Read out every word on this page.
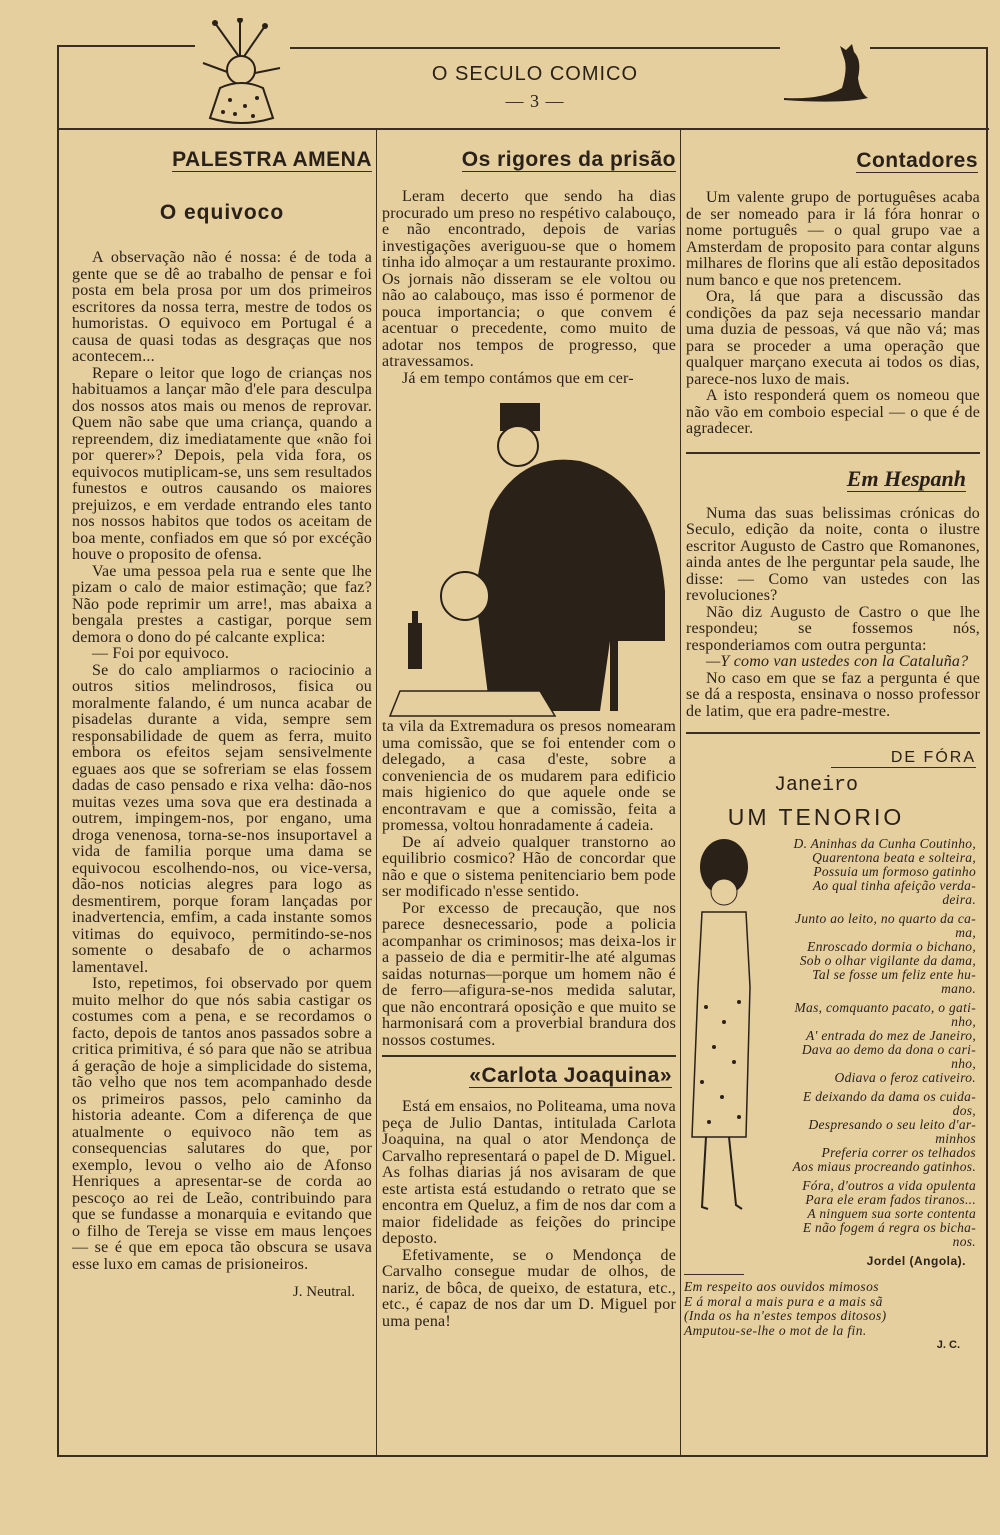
O SECULO COMICO
— 3 —
PALESTRA AMENA
O equivoco

A observação não é nossa: é de toda a gente que se dê ao trabalho de pensar e foi posta em bela prosa por um dos primeiros escritores da nossa terra, mestre de todos os humoristas. O equivoco em Portugal é a causa de quasi todas as desgraças que nos acontecem...

Repare o leitor que logo de crianças nos habituamos a lançar mão d'ele para desculpa dos nossos atos mais ou menos de reprovar. Quem não sabe que uma criança, quando a repreendem, diz imediatamente que «não foi por querer»? Depois, pela vida fora, os equivocos mutiplicam-se, uns sem resultados funestos e outros causando os maiores prejuizos, e em verdade entrando eles tanto nos nossos habitos que todos os aceitam de boa mente, confiados em que só por excéção houve o proposito de ofensa.

Vae uma pessoa pela rua e sente que lhe pizam o calo de maior estimação; que faz? Não pode reprimir um arre!, mas abaixa a bengala prestes a castigar, porque sem demora o dono do pé calcante explica:

— Foi por equivoco.

Se do calo ampliarmos o raciocinio a outros sitios melindrosos, fisica ou moralmente falando, é um nunca acabar de pisadelas durante a vida, sempre sem responsabilidade de quem as ferra, muito embora os efeitos sejam sensivelmente eguaes aos que se sofreriam se elas fossem dadas de caso pensado e rixa velha: dão-nos muitas vezes uma sova que era destinada a outrem, impingem-nos, por engano, uma droga venenosa, torna-se-nos insuportavel a vida de familia porque uma dama se equivocou escolhendo-nos, ou vice-versa, dão-nos noticias alegres para logo as desmentirem, porque foram lançadas por inadvertencia, emfim, a cada instante somos vitimas do equivoco, permitindo-se-nos somente o desabafo de o acharmos lamentavel.

Isto, repetimos, foi observado por quem muito melhor do que nós sabia castigar os costumes com a pena, e se recordamos o facto, depois de tantos anos passados sobre a critica primitiva, é só para que não se atribua á geração de hoje a simplicidade do sistema, tão velho que nos tem acompanhado desde os primeiros passos, pelo caminho da historia adeante. Com a diferença de que atualmente o equivoco não tem as consequencias salutares do que, por exemplo, levou o velho aio de Afonso Henriques a apresentar-se de corda ao pescoço ao rei de Leão, contribuindo para que se fundasse a monarquia e evitando que o filho de Tereja se visse em maus lençoes — se é que em epoca tão obscura se usava esse luxo em camas de prisioneiros.

J. Neutral.
Os rigores da prisão

Leram decerto que sendo ha dias procurado um preso no respétivo calabouço, e não encontrado, depois de varias investigações averiguou-se que o homem tinha ido almoçar a um restaurante proximo. Os jornais não disseram se ele voltou ou não ao calabouço, mas isso é pormenor de pouca importancia; o que convem é acentuar o precedente, como muito de adotar nos tempos de progresso, que atravessamos.

Já em tempo contámos que em cer-

ta vila da Extremadura os presos nomearam uma comissão, que se foi entender com o delegado, a casa d'este, sobre a conveniencia de os mudarem para edificio mais higienico do que aquele onde se encontravam e que a comissão, feita a promessa, voltou honradamente á cadeia.

De aí adveio qualquer transtorno ao equilibrio cosmico? Hão de concordar que não e que o sistema penitenciario bem pode ser modificado n'esse sentido.

Por excesso de precaução, que nos parece desnecessario, pode a policia acompanhar os criminosos; mas deixa-los ir a passeio de dia e permitir-lhe até algumas saidas noturnas—porque um homem não é de ferro—afigura-se-nos medida salutar, que não encontrará oposição e que muito se harmonisará com a proverbial brandura dos nossos costumes.

«Carlota Joaquina»

Está em ensaios, no Politeama, uma nova peça de Julio Dantas, intitulada Carlota Joaquina, na qual o ator Mendonça de Carvalho representará o papel de D. Miguel. As folhas diarias já nos avisaram de que este artista está estudando o retrato que se encontra em Queluz, a fim de nos dar com a maior fidelidade as feições do principe deposto.

Efetivamente, se o Mendonça de Carvalho consegue mudar de olhos, de nariz, de bôca, de queixo, de estatura, etc., etc., é capaz de nos dar um D. Miguel por uma pena!

Contadores

Um valente grupo de portuguêses acaba de ser nomeado para ir lá fóra honrar o nome português — o qual grupo vae a Amsterdam de proposito para contar alguns milhares de florins que ali estão depositados num banco e que nos pretencem.

Ora, lá que para a discussão das condições da paz seja necessario mandar uma duzia de pessoas, vá que não vá; mas para se proceder a uma operação que qualquer marçano executa ai todos os dias, parece-nos luxo de mais.

A isto responderá quem os nomeou que não vão em comboio especial — o que é de agradecer.

Em Hespanh

Numa das suas belissimas crónicas do Seculo, edição da noite, conta o ilustre escritor Augusto de Castro que Romanones, ainda antes de lhe perguntar pela saude, lhe disse: — Como van ustedes con las revoluciones?

Não diz Augusto de Castro o que lhe respondeu; se fossemos nós, responderiamos com outra pergunta:

—Y como van ustedes con la Cataluña?

No caso em que se faz a pergunta é que se dá a resposta, ensinava o nosso professor de latim, que era padre-mestre.

DE FÓRA
Janeiro
UM TENORIO
D. Aninhas da Cunha Coutinho,
Quarentona beata e solteira,
Possuia um formoso gatinho
Ao qual tinha afeição verda-
deira.
Junto ao leito, no quarto da ca-
ma,
Enroscado dormia o bichano,
Sob o olhar vigilante da dama,
Tal se fosse um feliz ente hu-
mano.
Mas, comquanto pacato, o gati-
nho,
A' entrada do mez de Janeiro,
Dava ao demo da dona o cari-
nho,
Odiava o feroz cativeiro.
E deixando da dama os cuida-
dos,
Despresando o seu leito d'ar-
minhos
Preferia correr os telhados
Aos miaus procreando gatinhos.
Fóra, d'outros a vida opulenta
Para ele eram fados tiranos...
A ninguem sua sorte contenta
E não fogem á regra os bicha-
nos.
Jordel (Angola).
Em respeito aos ouvidos mimosos
E á moral a mais pura e a mais sã
(Inda os ha n'estes tempos ditosos)
Amputou-se-lhe o mot de la fin.
J. C.
